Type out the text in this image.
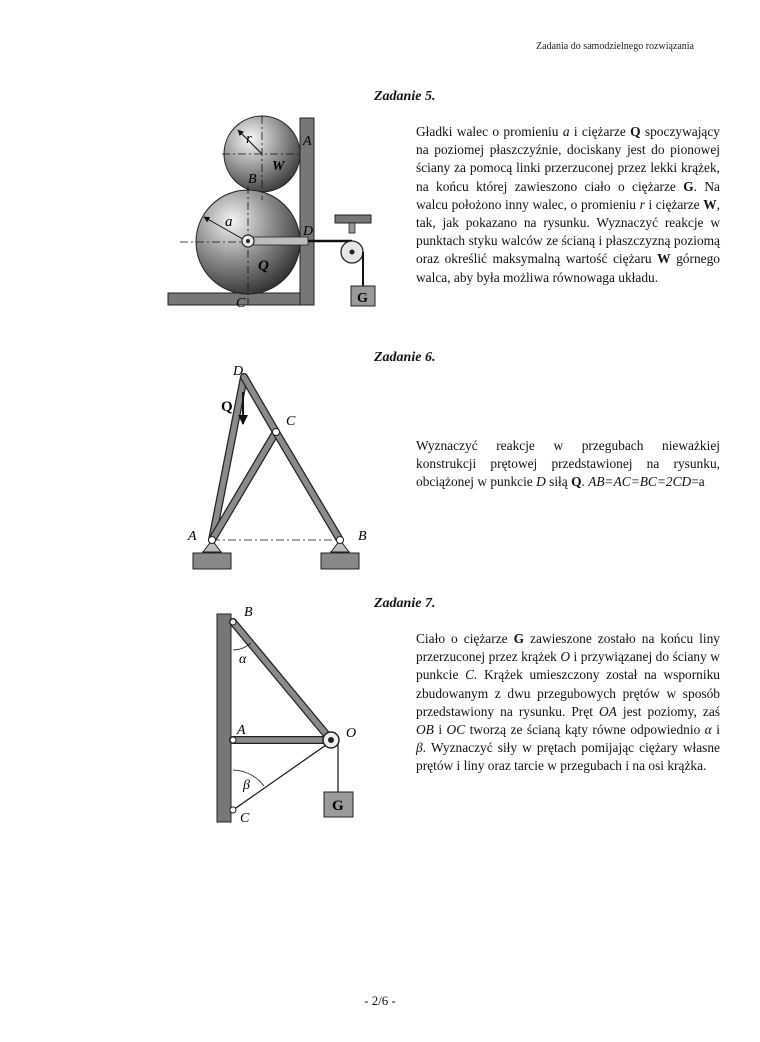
Zadania do samodzielnego rozwiązania
Zadanie 5.
Gładki walec o promieniu a i ciężarze Q spoczywający na poziomej płaszczyźnie, dociskany jest do pionowej ściany za pomocą linki przerzuconej przez lekki krążek, na końcu której zawieszono ciało o ciężarze G. Na walcu położono inny walec, o promieniu r i ciężarze W, tak, jak pokazano na rysunku. Wyznaczyć reakcje w punktach styku walców ze ścianą i płaszczyzną poziomą oraz określić maksymalną wartość ciężaru W górnego walca, aby była możliwa równowaga układu.
r
W
A
B
a
D
Q
C	G
Zadanie 6.
Wyznaczyć reakcje w przegubach nieważkiej konstrukcji prętowej przedstawionej na rysunku, obciążonej w punkcie D siłą Q. AB=AC=BC=2CD=a
D
Q
C
A	B
Zadanie 7.
Ciało o ciężarze G zawieszone zostało na końcu liny przerzuconej przez krążek O i przywiązanej do ściany w punkcie C. Krążek umieszczony został na wsporniku zbudowanym z dwu przegubowych prętów w sposób przedstawiony na rysunku. Pręt OA jest poziomy, zaś OB i OC tworzą ze ścianą kąty równe odpowiednio α i β. Wyznaczyć siły w prętach pomijając ciężary własne prętów i liny oraz tarcie w przegubach i na osi krążka.
B
α
A	O
β
C
G
- 2/6 -
